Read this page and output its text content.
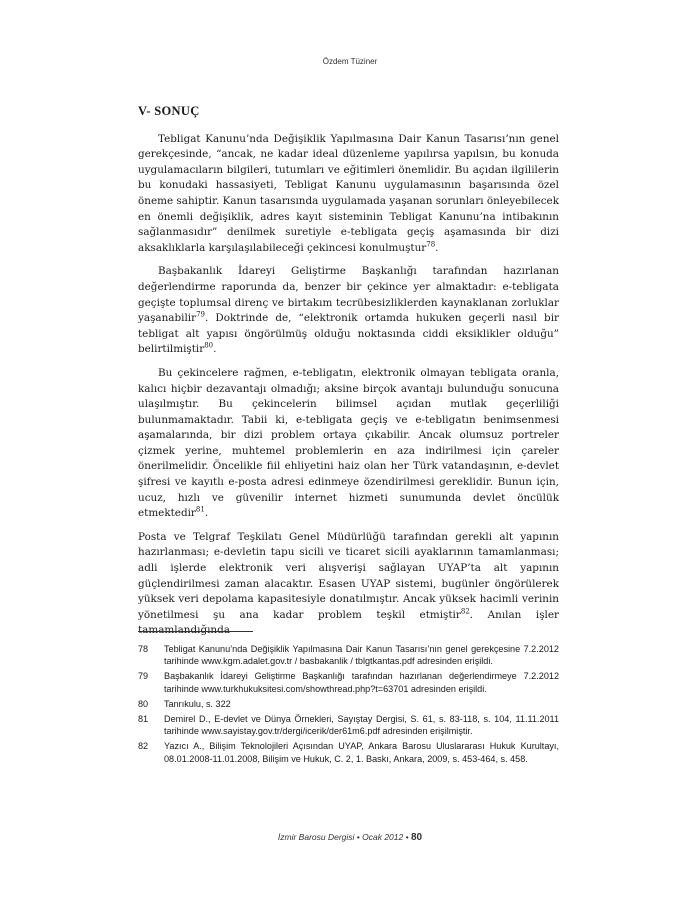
Özdem Tüziner
V- SONUÇ

Tebligat Kanunu’nda Değişiklik Yapılmasına Dair Kanun Tasarısı’nın genel gerekçesinde, “ancak, ne kadar ideal düzenleme yapılırsa yapılsın, bu konuda uygulamacıların bilgileri, tutumları ve eğitimleri önemlidir. Bu açıdan ilgililerin bu konudaki hassasiyeti, Tebligat Kanunu uygulamasının başarısında özel öneme sahiptir. Kanun tasarısında uygulamada yaşanan sorunları önleyebilecek en önemli değişiklik, adres kayıt sisteminin Tebligat Kanunu’na intibakının sağlanmasıdır” denilmek suretiyle e-tebligata geçiş aşamasında bir dizi aksaklıklarla karşılaşılabileceği çekincesi konulmuştur$^{78}$.

Başbakanlık İdareyi Geliştirme Başkanlığı tarafından hazırlanan değerlendirme raporunda da, benzer bir çekince yer almaktadır: e-tebligata geçişte toplumsal direnç ve birtakım tecrübesizliklerden kaynaklanan zorluklar yaşanabilir$^{79}$. Doktrinde de, “elektronik ortamda hukuken geçerli nasıl bir tebligat alt yapısı öngörülmüş olduğu noktasında ciddi eksiklikler olduğu” belirtilmiştir$^{80}$.

Bu çekincelere rağmen, e-tebligatın, elektronik olmayan tebligata oranla, kalıcı hiçbir dezavantajı olmadığı; aksine birçok avantajı bulunduğu sonucuna ulaşılmıştır. Bu çekincelerin bilimsel açıdan mutlak geçerliliği bulunmamaktadır. Tabii ki, e-tebligata geçiş ve e-tebligatın benimsenmesi aşamalarında, bir dizi problem ortaya çıkabilir. Ancak olumsuz portreler çizmek yerine, muhtemel problemlerin en aza indirilmesi için çareler önerilmelidir. Öncelikle fiil ehliyetini haiz olan her Türk vatandaşının, e-devlet şifresi ve kayıtlı e-posta adresi edinmeye özendirilmesi gereklidir. Bunun için, ucuz, hızlı ve güvenilir internet hizmeti sunumunda devlet öncülük etmektedir$^{81}$.

Posta ve Telgraf Teşkilatı Genel Müdürlüğü tarafından gerekli alt yapının hazırlanması; e-devletin tapu sicili ve ticaret sicili ayaklarının tamamlanması; adli işlerde elektronik veri alışverişi sağlayan UYAP’ta alt yapının güçlendirilmesi zaman alacaktır. Esasen UYAP sistemi, bugünler öngörülerek yüksek veri depolama kapasitesiyle donatılmıştır. Ancak yüksek hacimli verinin yönetilmesi şu ana kadar problem teşkil etmiştir$^{82}$. Anılan işler tamamlandığında

78	Tebligat Kanunu’nda Değişiklik Yapılmasına Dair Kanun Tasarısı’nın genel gerekçesine 7.2.2012 tarihinde www.kgm.adalet.gov.tr / basbakanlik / tblgtkantas.pdf adresinden erişildi.
79	Başbakanlık İdareyi Geliştirme Başkanlığı tarafından hazırlanan değerlendirmeye 7.2.2012 tarihinde www.turkhukuksitesi.com/showthread.php?t=63701 adresinden erişildi.
80	Tanrıkulu, s. 322
81	Demirel D., E-devlet ve Dünya Örnekleri, Sayıştay Dergisi, S. 61, s. 83-118, s. 104, 11.11.2011 tarihinde www.sayistay.gov.tr/dergi/icerik/der61m6.pdf adresinden erişilmiştir.
82	Yazıcı A., Bilişim Teknolojileri Açısından UYAP, Ankara Barosu Uluslararası Hukuk Kurultayı, 08.01.2008-11.01.2008, Bilişim ve Hukuk, C. 2, 1. Baskı, Ankara, 2009, s. 453-464, s. 458.
İzmir Barosu Dergisi • Ocak 2012 • 80
